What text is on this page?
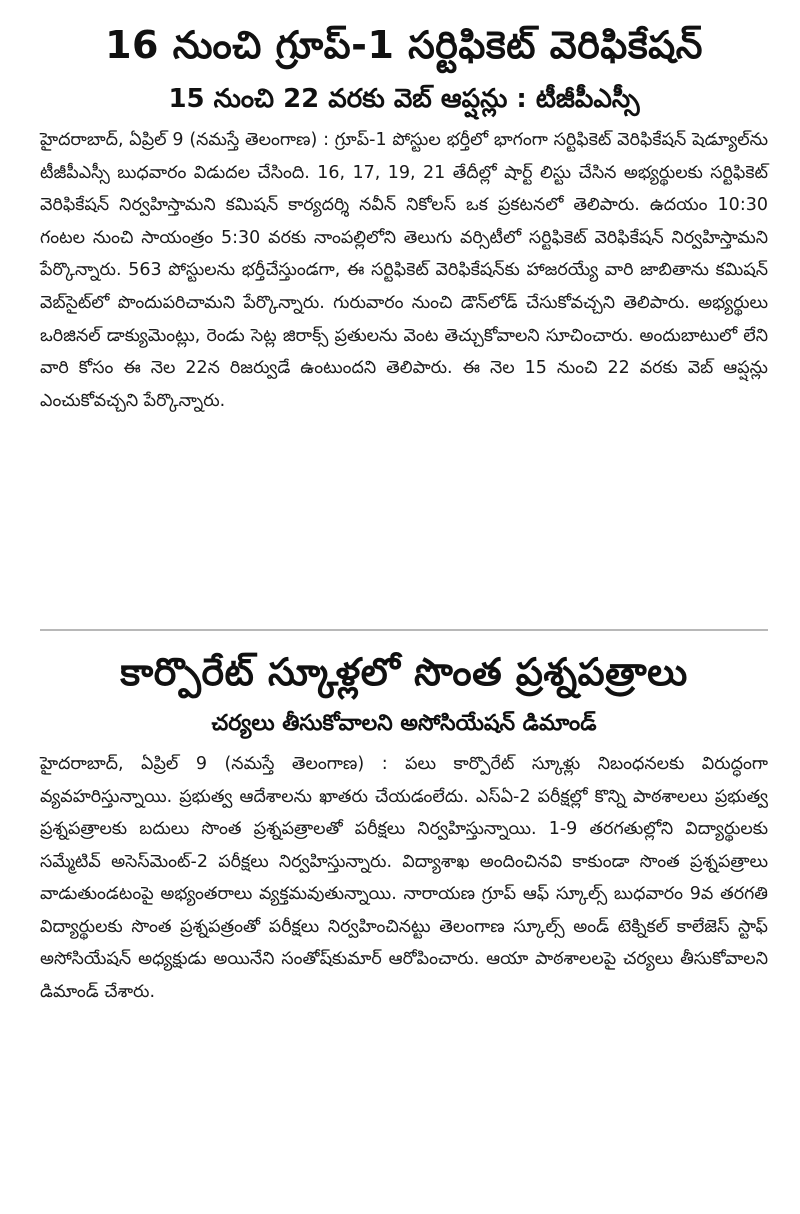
16 నుంచి గ్రూప్-1 సర్టిఫికెట్ వెరిఫికేషన్
15 నుంచి 22 వరకు వెబ్ ఆప్షన్లు : టీజీపీఎస్సీ

హైదరాబాద్, ఏప్రిల్ 9 (నమస్తే తెలంగాణ) : గ్రూప్-1 పోస్టుల భర్తీలో భాగంగా సర్టిఫికెట్ వెరిఫికేషన్ షెడ్యూల్‌ను టీజీపీఎస్సీ బుధవారం విడుదల చేసింది. 16, 17, 19, 21 తేదీల్లో షార్ట్ లిస్టు చేసిన అభ్యర్థులకు సర్టిఫికెట్ వెరిఫికేషన్ నిర్వహిస్తామని కమిషన్ కార్యదర్శి నవీన్ నికోలస్ ఒక ప్రకటనలో తెలిపారు. ఉదయం 10:30 గంటల నుంచి సాయంత్రం 5:30 వరకు నాంపల్లిలోని తెలుగు వర్సిటీలో సర్టిఫికెట్ వెరిఫికేషన్ నిర్వహిస్తామని పేర్కొన్నారు. 563 పోస్టులను భర్తీచేస్తుండగా, ఈ సర్టిఫికెట్ వెరిఫికేషన్‌కు హాజరయ్యే వారి జాబితాను కమిషన్ వెబ్‌సైట్‌లో పొందుపరిచామని పేర్కొన్నారు. గురువారం నుంచి డౌన్‌లోడ్ చేసుకోవచ్చని తెలిపారు. అభ్యర్థులు ఒరిజినల్ డాక్యుమెంట్లు, రెండు సెట్ల జిరాక్స్ ప్రతులను వెంట తెచ్చుకోవాలని సూచించారు. అందుబాటులో లేని వారి కోసం ఈ నెల 22న రిజర్వుడే ఉంటుందని తెలిపారు. ఈ నెల 15 నుంచి 22 వరకు వెబ్ ఆప్షన్లు ఎంచుకోవచ్చని పేర్కొన్నారు.

కార్పొరేట్ స్కూళ్లలో సొంత ప్రశ్నపత్రాలు
చర్యలు తీసుకోవాలని అసోసియేషన్ డిమాండ్

హైదరాబాద్, ఏప్రిల్ 9 (నమస్తే తెలంగాణ) : పలు కార్పొరేట్ స్కూళ్లు నిబంధనలకు విరుద్ధంగా వ్యవహరిస్తున్నాయి. ప్రభుత్వ ఆదేశాలను ఖాతరు చేయడంలేదు. ఎస్ఏ-2 పరీక్షల్లో కొన్ని పాఠశాలలు ప్రభుత్వ ప్రశ్నపత్రాలకు బదులు సొంత ప్రశ్నపత్రాలతో పరీక్షలు నిర్వహిస్తున్నాయి. 1-9 తరగతుల్లోని విద్యార్థులకు సమ్మేటివ్ అసెస్‌మెంట్-2 పరీక్షలు నిర్వహిస్తున్నారు. విద్యాశాఖ అందించినవి కాకుండా సొంత ప్రశ్నపత్రాలు వాడుతుండటంపై అభ్యంతరాలు వ్యక్తమవుతున్నాయి. నారాయణ గ్రూప్ ఆఫ్ స్కూల్స్ బుధవారం 9వ తరగతి విద్యార్థులకు సొంత ప్రశ్నపత్రంతో పరీక్షలు నిర్వహించినట్టు తెలంగాణ స్కూల్స్ అండ్ టెక్నికల్ కాలేజెస్ స్టాఫ్ అసోసియేషన్ అధ్యక్షుడు అయినేని సంతోష్‌కుమార్ ఆరోపించారు. ఆయా పాఠశాలలపై చర్యలు తీసుకోవాలని డిమాండ్ చేశారు.
